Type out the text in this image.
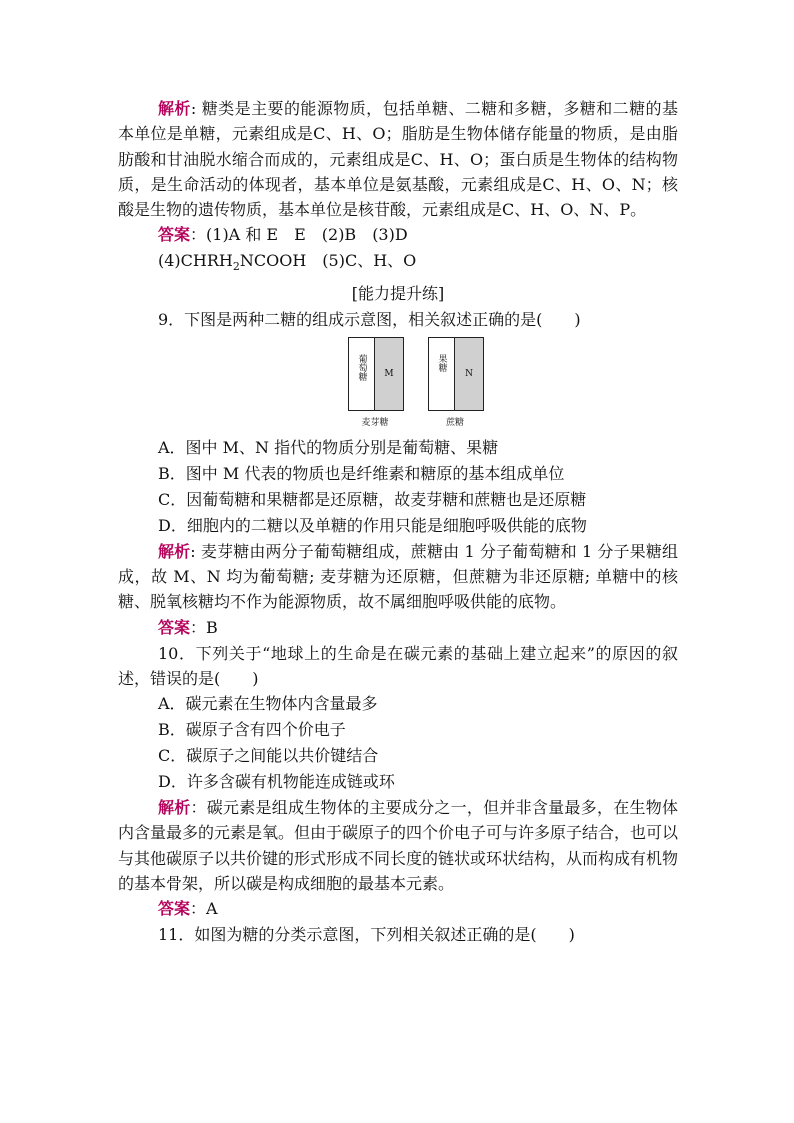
解析: 糖类是主要的能源物质，包括单糖、二糖和多糖，多糖和二糖的基本单位是单糖，元素组成是C、H、O；脂肪是生物体储存能量的物质，是由脂肪酸和甘油脱水缩合而成的，元素组成是C、H、O；蛋白质是生物体的结构物质，是生命活动的体现者，基本单位是氨基酸，元素组成是C、H、O、N；核酸是生物的遗传物质，基本单位是核苷酸，元素组成是C、H、O、N、P。

答案：(1)A 和 E　E　(2)B　(3)D

$(4)CHRH_2NCOOH$　(5)C、H、O

[能力提升练]

9．下图是两种二糖的组成示意图，相关叙述正确的是(　　)

葡萄糖	M
麦芽糖
果糖
N
蔗糖

A．图中 M、N 指代的物质分别是葡萄糖、果糖

B．图中 M 代表的物质也是纤维素和糖原的基本组成单位

C．因葡萄糖和果糖都是还原糖，故麦芽糖和蔗糖也是还原糖

D．细胞内的二糖以及单糖的作用只能是细胞呼吸供能的底物

解析: 麦芽糖由两分子葡萄糖组成，蔗糖由 1 分子葡萄糖和 1 分子果糖组成，故 M、N 均为葡萄糖; 麦芽糖为还原糖，但蔗糖为非还原糖; 单糖中的核糖、脱氧核糖均不作为能源物质，故不属细胞呼吸供能的底物。

答案：B

10．下列关于“地球上的生命是在碳元素的基础上建立起来”的原因的叙述，错误的是(　　)

A．碳元素在生物体内含量最多

B．碳原子含有四个价电子

C．碳原子之间能以共价键结合

D．许多含碳有机物能连成链或环

解析：碳元素是组成生物体的主要成分之一，但并非含量最多，在生物体内含量最多的元素是氧。但由于碳原子的四个价电子可与许多原子结合，也可以与其他碳原子以共价键的形式形成不同长度的链状或环状结构，从而构成有机物的基本骨架，所以碳是构成细胞的最基本元素。

答案：A

11．如图为糖的分类示意图，下列相关叙述正确的是(　　)
